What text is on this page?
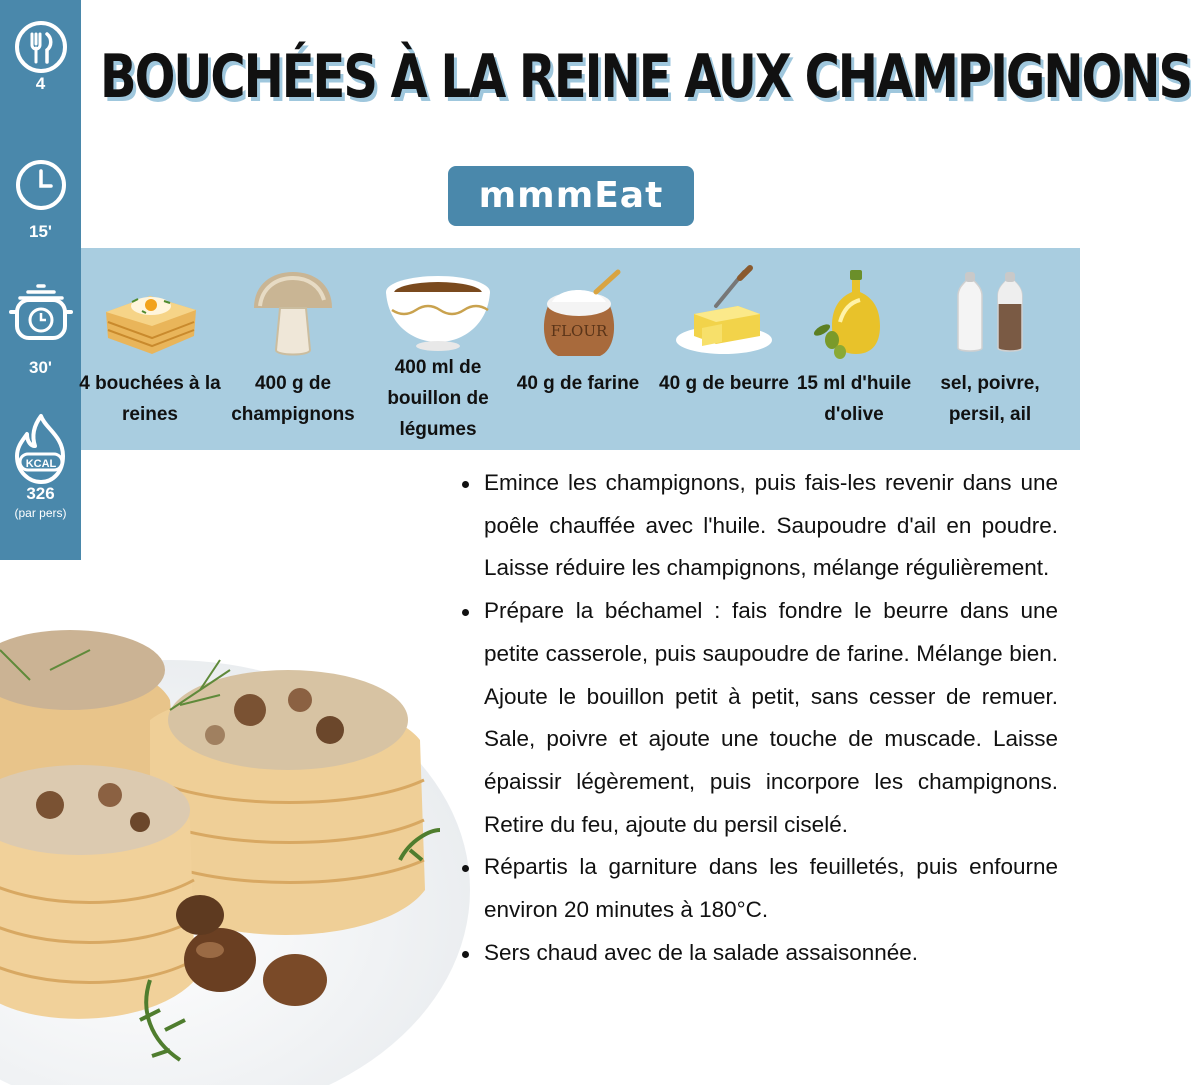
4
15'
30'
KCAL
326
(par pers)
BOUCHÉES À LA REINE AUX CHAMPIGNONS
mmmEat
4 bouchées à la reines
400 g de champignons
400 ml de bouillon de légumes
FLOUR
40 g de farine	40 g de beurre 15 ml d'huile d'olive
sel, poivre, persil, ail
Emince les champignons, puis fais-les revenir dans une poêle chauffée avec l'huile. Saupoudre d'ail en poudre. Laisse réduire les champignons, mélange régulièrement.
Prépare la béchamel : fais fondre le beurre dans une petite casserole, puis saupoudre de farine. Mélange bien. Ajoute le bouillon petit à petit, sans cesser de remuer. Sale, poivre et ajoute une touche de muscade. Laisse épaissir légèrement, puis incorpore les champignons. Retire du feu, ajoute du persil ciselé.
Répartis la garniture dans les feuilletés, puis enfourne environ 20 minutes à 180°C.
Sers chaud avec de la salade assaisonnée.
